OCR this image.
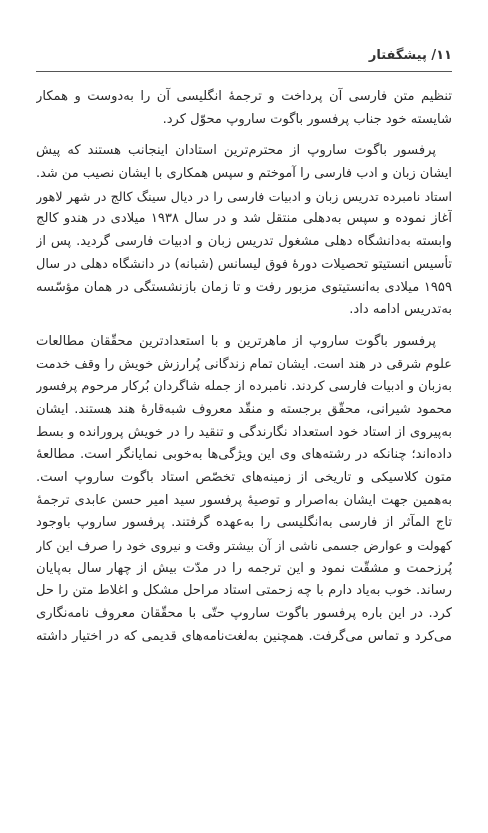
۱۱/ پیشگفتار
تنظیم متن فارسی آن پرداخت و ترجمهٔ انگلیسی آن را به‌دوست و همکار
شایسته خود جناب پرفسور باگوت ساروپ محوّل کرد.
پرفسور باگوت ساروپ از محترم‌ترین استادان اینجانب هستند که پیش
ایشان زبان و ادب فارسی را آموختم و سپس همکاری با ایشان نصیب من شد.
استاد نامبرده تدریس زبان و ادبیات فارسی را در دیال سینگ کالج در شهر لاهور
آغاز نموده و سپس به‌دهلی منتقل شد و در سال ۱۹۳۸ میلادی در هندو کالج
وابسته به‌دانشگاه دهلی مشغول تدریس زبان و ادبیات فارسی گردید. پس از
تأسیس انستیتو تحصیلات دورهٔ فوق لیسانس (شبانه) در دانشگاه دهلی در سال
۱۹۵۹ میلادی به‌انستیتوی مزبور رفت و تا زمان بازنشستگی در همان مؤسّسه
به‌تدریس ادامه داد.
پرفسور باگوت ساروپ از ماهرترین و با استعدادترین محقّقان مطالعات
علوم شرقی در هند است. ایشان تمام زندگانی پُرارزش خویش را وقف خدمت
به‌زبان و ادبیات فارسی کردند. نامبرده از جمله شاگردان بُرکار مرحوم پرفسور
محمود شیرانی، محقّق برجسته و منقّد معروف شبه‌قارهٔ هند هستند. ایشان
به‌پیروی از استاد خود استعداد نگارندگی و تنقید را در خویش پرورانده و بسط
داده‌اند؛ چنانکه در رشته‌های وی این ویژگی‌ها به‌خوبی نمایانگر است. مطالعهٔ
متون کلاسیکی و تاریخی از زمینه‌های تخصّص استاد باگوت ساروپ است.
به‌همین جهت ایشان به‌اصرار و توصیهٔ پرفسور سید امیر حسن عابدی ترجمهٔ
تاج المآثر از فارسی به‌انگلیسی را به‌عهده گرفتند. پرفسور ساروپ باوجود
کهولت و عوارض جسمی ناشی از آن بیشتر وقت و نیروی خود را صرف این کار
پُرزحمت و مشقّت نمود و این ترجمه را در مدّت بیش از چهار سال به‌پایان
رساند. خوب به‌یاد دارم با چه زحمتی استاد مراحل مشکل و اغلاط متن را حل
کرد. در این باره پرفسور باگوت ساروپ حتّی با محقّقان معروف نامه‌نگاری
می‌کرد و تماس می‌گرفت. همچنین به‌لغت‌نامه‌های قدیمی که در اختیار داشته
